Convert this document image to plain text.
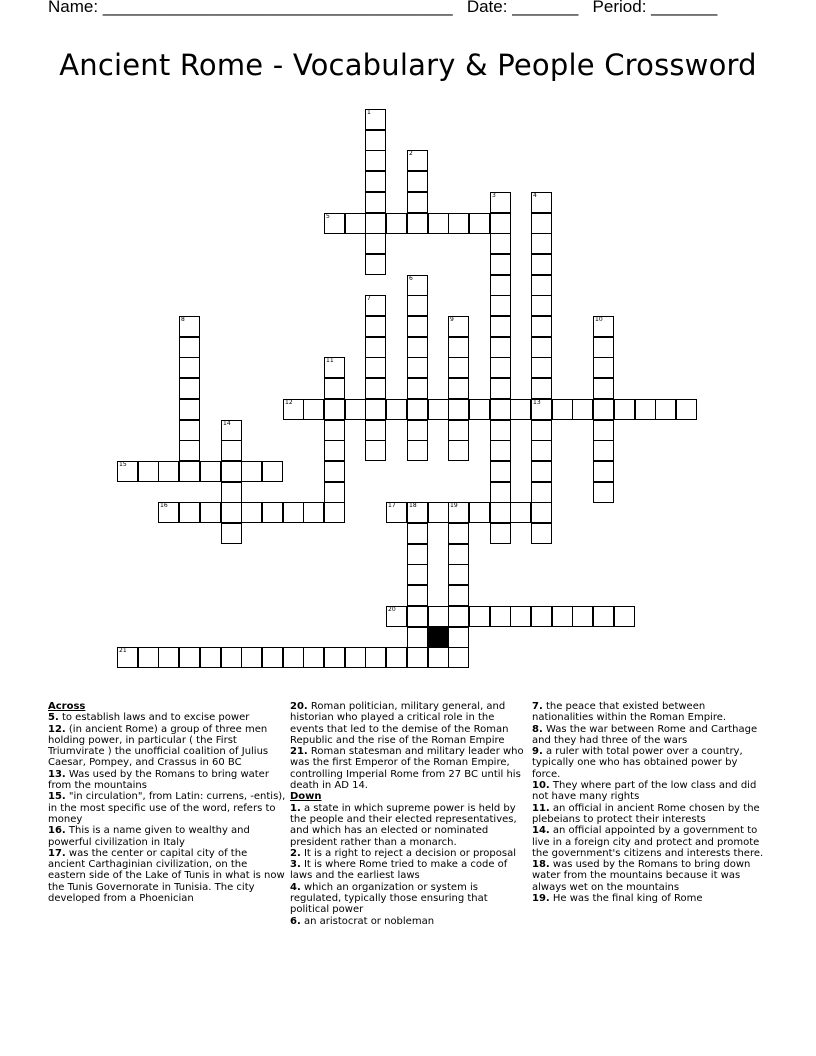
Name: _____________________________________ Date: _______ Period: _______
Ancient Rome - Vocabulary & People Crossword
1
2
3	4
13
5
6
7
8	9	10
11
12
14
15
16	17 18	19
20
21
Across
5. to establish laws and to excise power
12. (in ancient Rome) a group of three men holding power, in particular ( the First Triumvirate ) the unofficial coalition of Julius Caesar, Pompey, and Crassus in 60 BC
13. Was used by the Romans to bring water from the mountains
15. "in circulation", from Latin: currens, -entis), in the most specific use of the word, refers to money
16. This is a name given to wealthy and powerful civilization in Italy
17. was the center or capital city of the ancient Carthaginian civilization, on the eastern side of the Lake of Tunis in what is now the Tunis Governorate in Tunisia. The city developed from a Phoenician
20. Roman politician, military general, and historian who played a critical role in the events that led to the demise of the Roman Republic and the rise of the Roman Empire
21. Roman statesman and military leader who was the first Emperor of the Roman Empire, controlling Imperial Rome from 27 BC until his death in AD 14.
Down
1. a state in which supreme power is held by the people and their elected representatives, and which has an elected or nominated president rather than a monarch.
2. It is a right to reject a decision or proposal
3. It is where Rome tried to make a code of laws and the earliest laws
4. which an organization or system is regulated, typically those ensuring that political power
6. an aristocrat or nobleman
7. the peace that existed between nationalities within the Roman Empire.
8. Was the war between Rome and Carthage and they had three of the wars
9. a ruler with total power over a country, typically one who has obtained power by force.
10. They where part of the low class and did not have many rights
11. an official in ancient Rome chosen by the plebeians to protect their interests
14. an official appointed by a government to live in a foreign city and protect and promote the government's citizens and interests there.
18. was used by the Romans to bring down water from the mountains because it was always wet on the mountains
19. He was the final king of Rome
